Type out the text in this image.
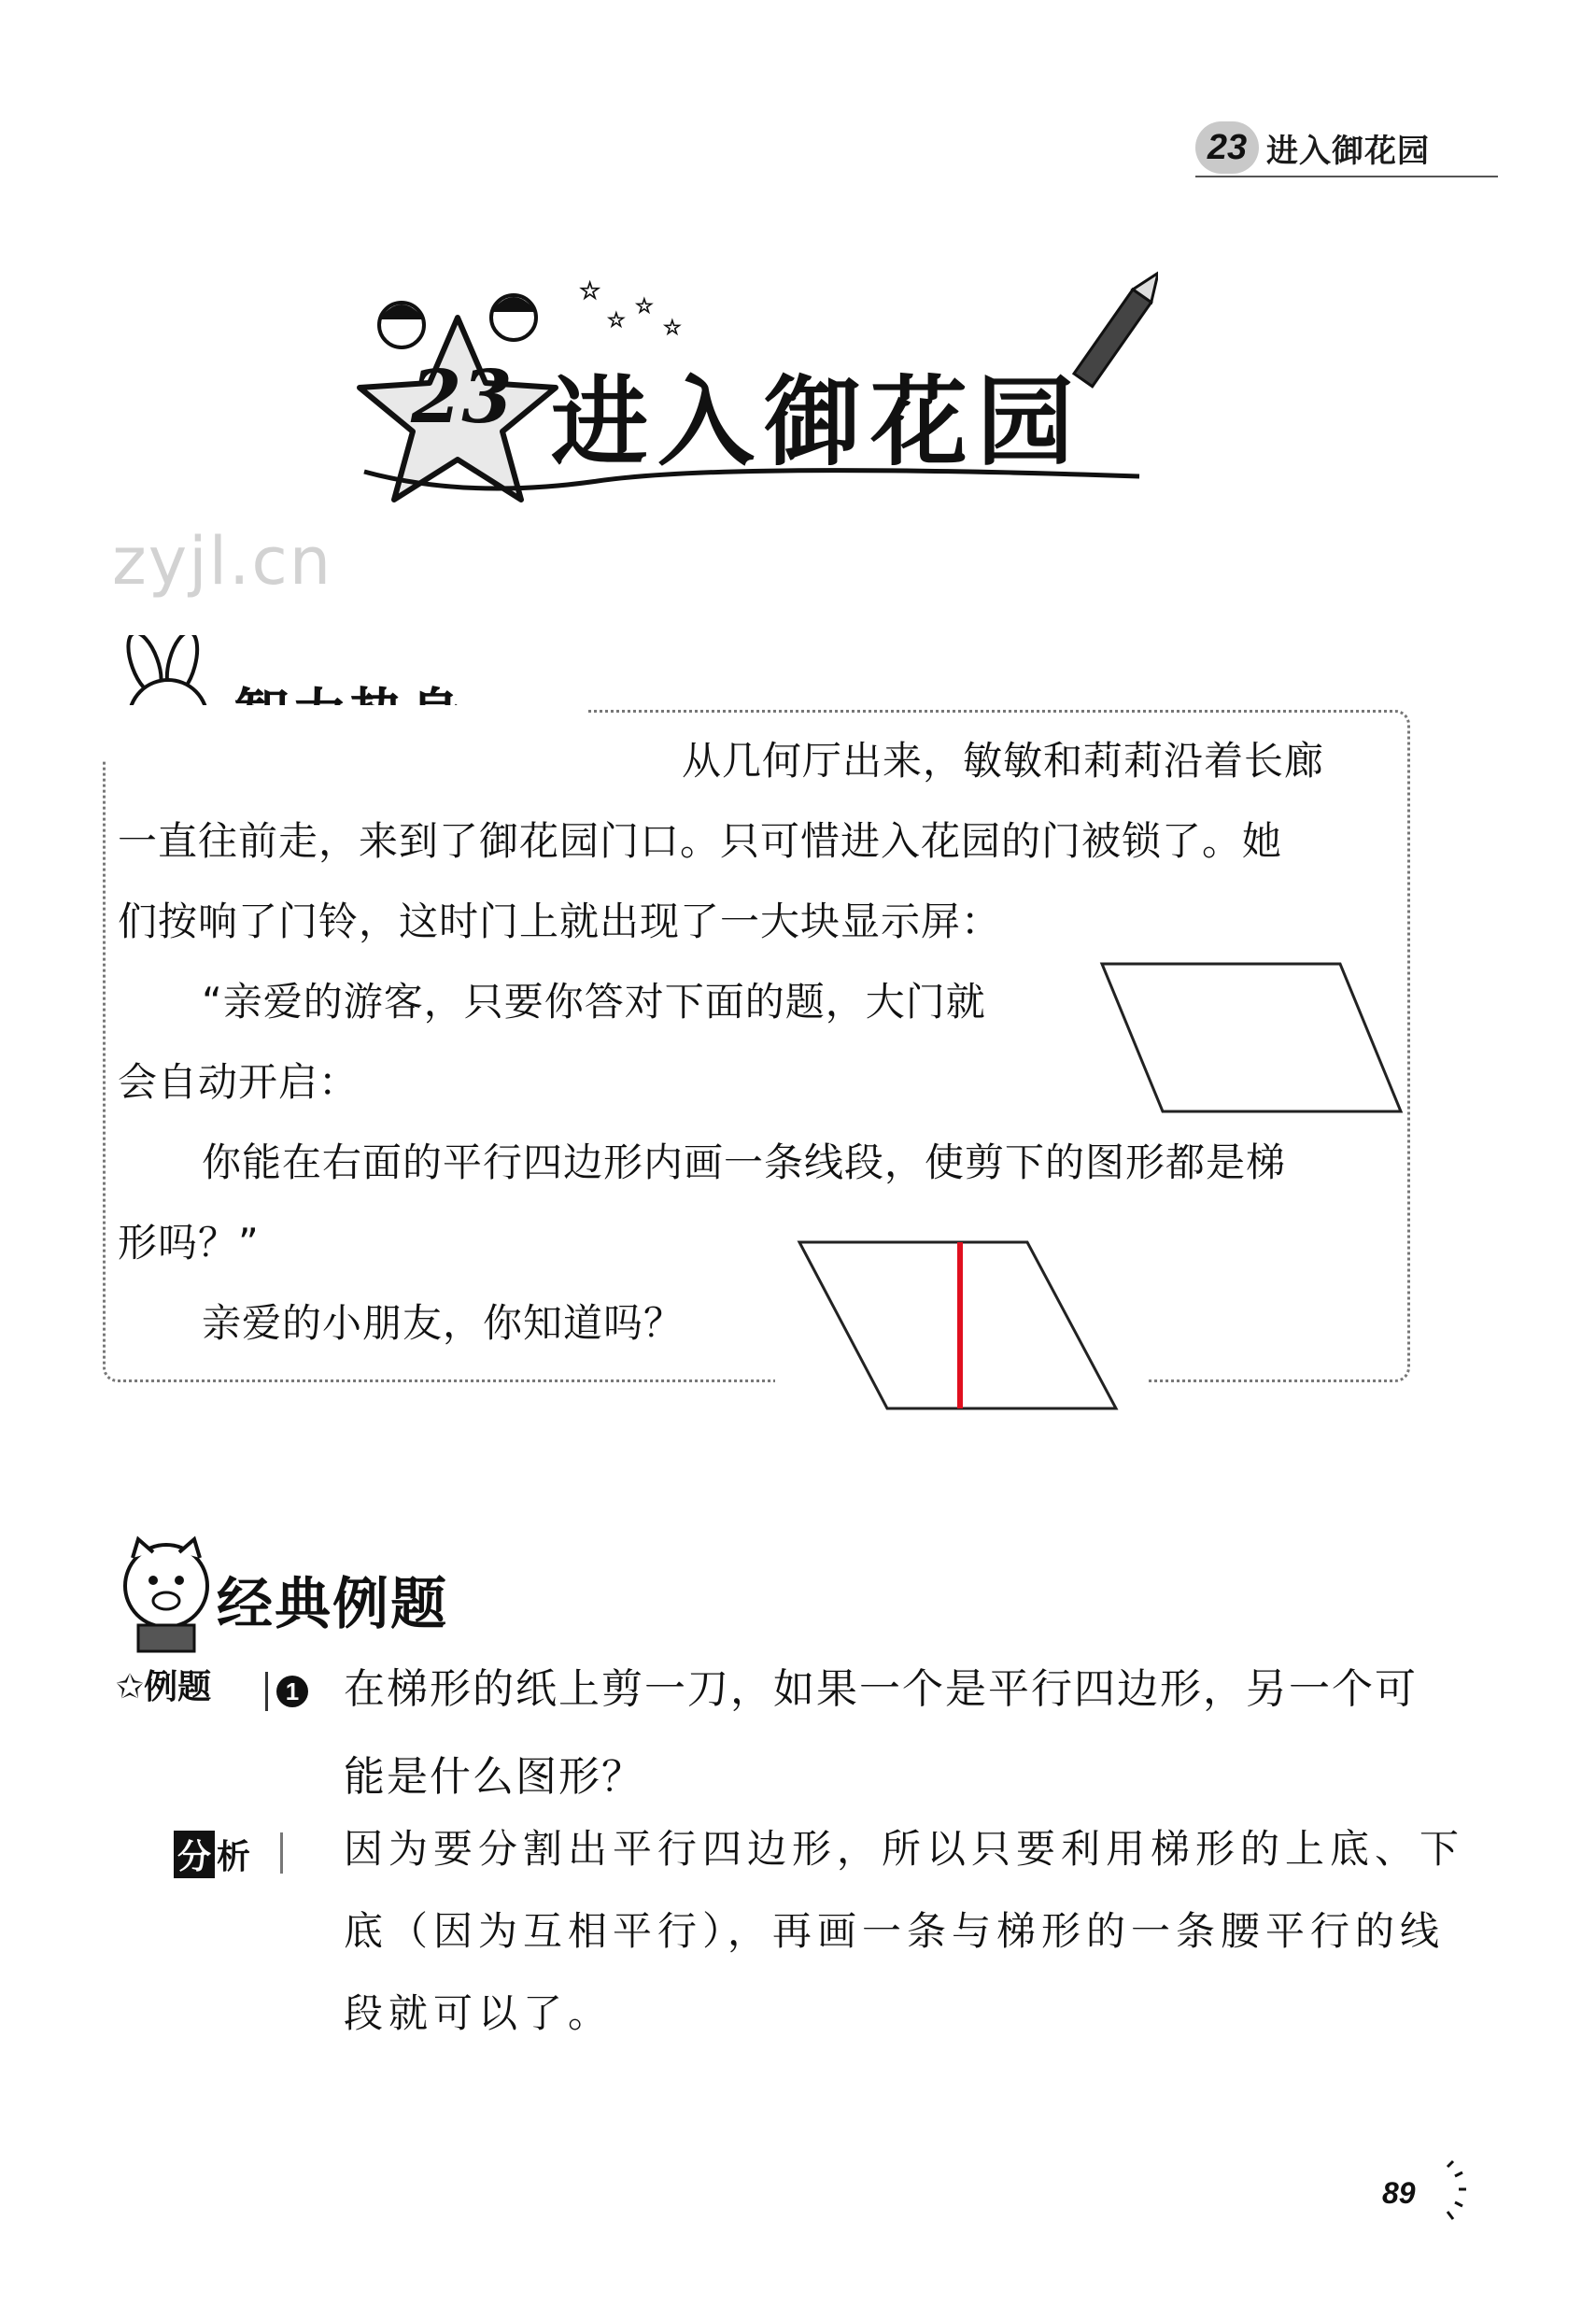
23 进入御花园
☆
☆
☆
☆
23 进入御花园
zyjl.cn
从几何厅出来，敏敏和莉莉沿着长廊
一直往前走，来到了御花园门口。只可惜进入花园的门被锁了。她
们按响了门铃，这时门上就出现了一大块显示屏：
“亲爱的游客，只要你答对下面的题，大门就
会自动开启：
你能在右面的平行四边形内画一条线段，使剪下的图形都是梯
形吗？”
亲爱的小朋友，你知道吗？
经典例题
✩例题	1 在梯形的纸上剪一刀，如果一个是平行四边形，另一个可
能是什么图形？
分 析 因为要分割出平行四边形，所以只要利用梯形的上底、下
底（因为互相平行），再画一条与梯形的一条腰平行的线
段就可以了。
89
